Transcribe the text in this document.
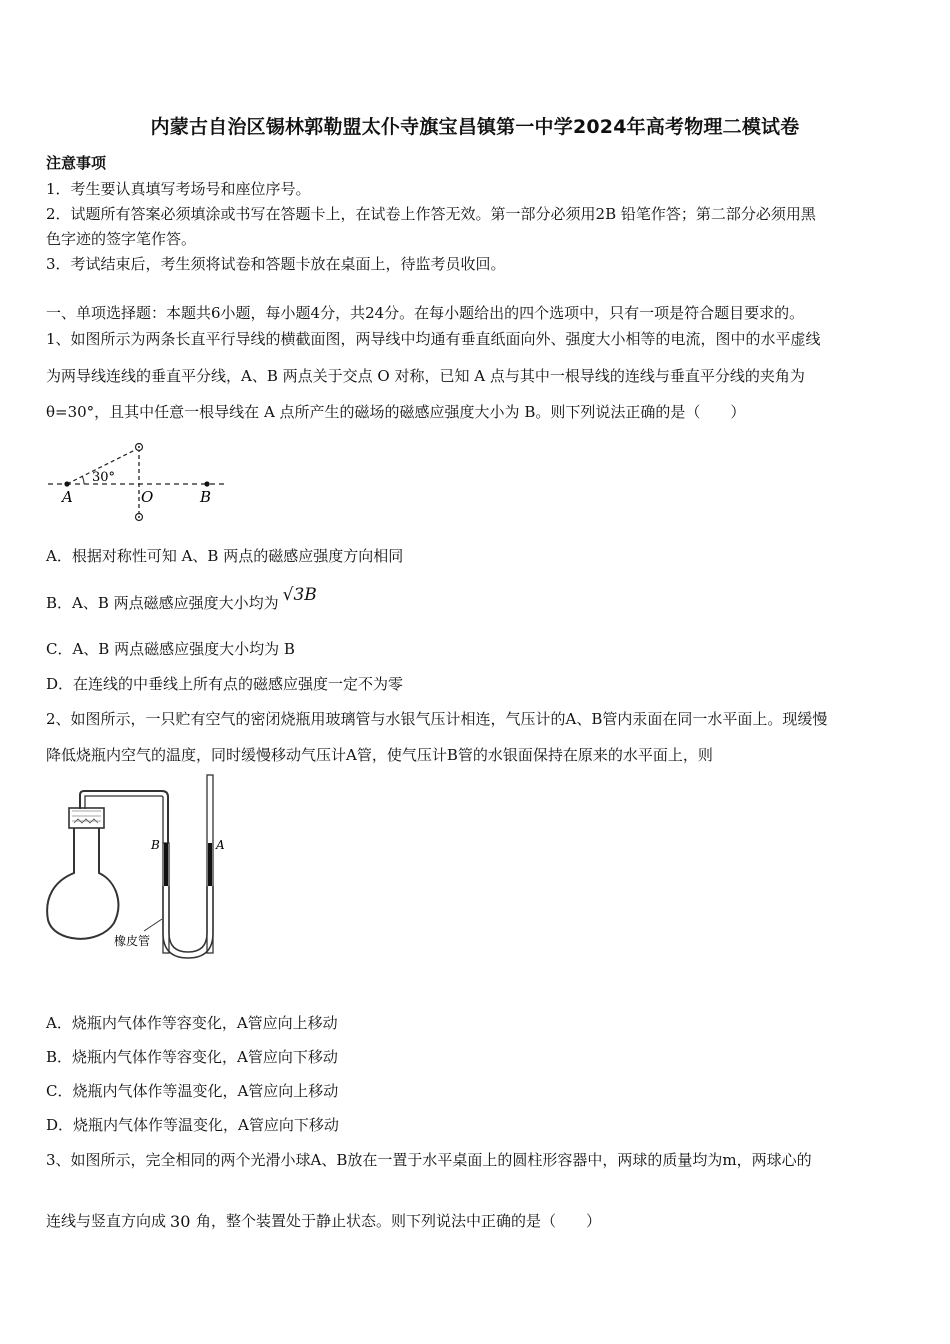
内蒙古自治区锡林郭勒盟太仆寺旗宝昌镇第一中学2024年高考物理二模试卷
注意事项
1．考生要认真填写考场号和座位序号。
2．试题所有答案必须填涂或书写在答题卡上，在试卷上作答无效。第一部分必须用2B 铅笔作答；第二部分必须用黑
色字迹的签字笔作答。
3．考试结束后，考生须将试卷和答题卡放在桌面上，待监考员收回。
一、单项选择题：本题共6小题，每小题4分，共24分。在每小题给出的四个选项中，只有一项是符合题目要求的。
1、如图所示为两条长直平行导线的横截面图，两导线中均通有垂直纸面向外、强度大小相等的电流，图中的水平虚线
为两导线连线的垂直平分线，A、B 两点关于交点 O 对称，已知 A 点与其中一根导线的连线与垂直平分线的夹角为
θ=30°，且其中任意一根导线在 A 点所产生的磁场的磁感应强度大小为 B。则下列说法正确的是（　　）
30°
A	O	B
A．根据对称性可知 A、B 两点的磁感应强度方向相同
B．A、B 两点磁感应强度大小均为 √3B
C．A、B 两点磁感应强度大小均为 B
D．在连线的中垂线上所有点的磁感应强度一定不为零
2、如图所示，一只贮有空气的密闭烧瓶用玻璃管与水银气压计相连，气压计的A、B管内汞面在同一水平面上。现缓慢
降低烧瓶内空气的温度，同时缓慢移动气压计A管，使气压计B管的水银面保持在原来的水平面上，则
B	A
橡皮管
A．烧瓶内气体作等容变化，A管应向上移动
B．烧瓶内气体作等容变化，A管应向下移动
C．烧瓶内气体作等温变化，A管应向上移动
D．烧瓶内气体作等温变化，A管应向下移动
3、如图所示，完全相同的两个光滑小球A、B放在一置于水平桌面上的圆柱形容器中，两球的质量均为m，两球心的
连线与竖直方向成 30 角，整个装置处于静止状态。则下列说法中正确的是（　　）
